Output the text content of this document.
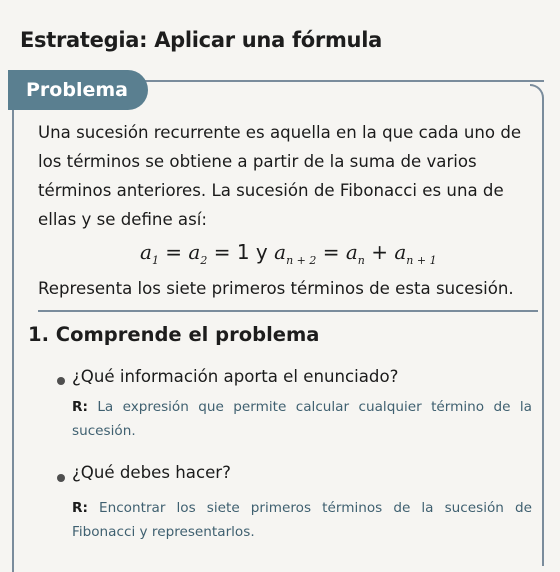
Estrategia: Aplicar una fórmula
Problema
Una sucesión recurrente es aquella en la que cada uno de los términos se obtiene a partir de la suma de varios términos anteriores. La sucesión de Fibonacci es una de ellas y se define así:
$a_1 = a_2 = 1$ y $a_{n + 2} = a_n + a_{n + 1}$
Representa los siete primeros términos de esta sucesión.
1. Comprende el problema
¿Qué información aporta el enunciado?
R: La expresión que permite calcular cualquier término de la sucesión.
¿Qué debes hacer?
R: Encontrar los siete primeros términos de la sucesión de Fibonacci y representarlos.
